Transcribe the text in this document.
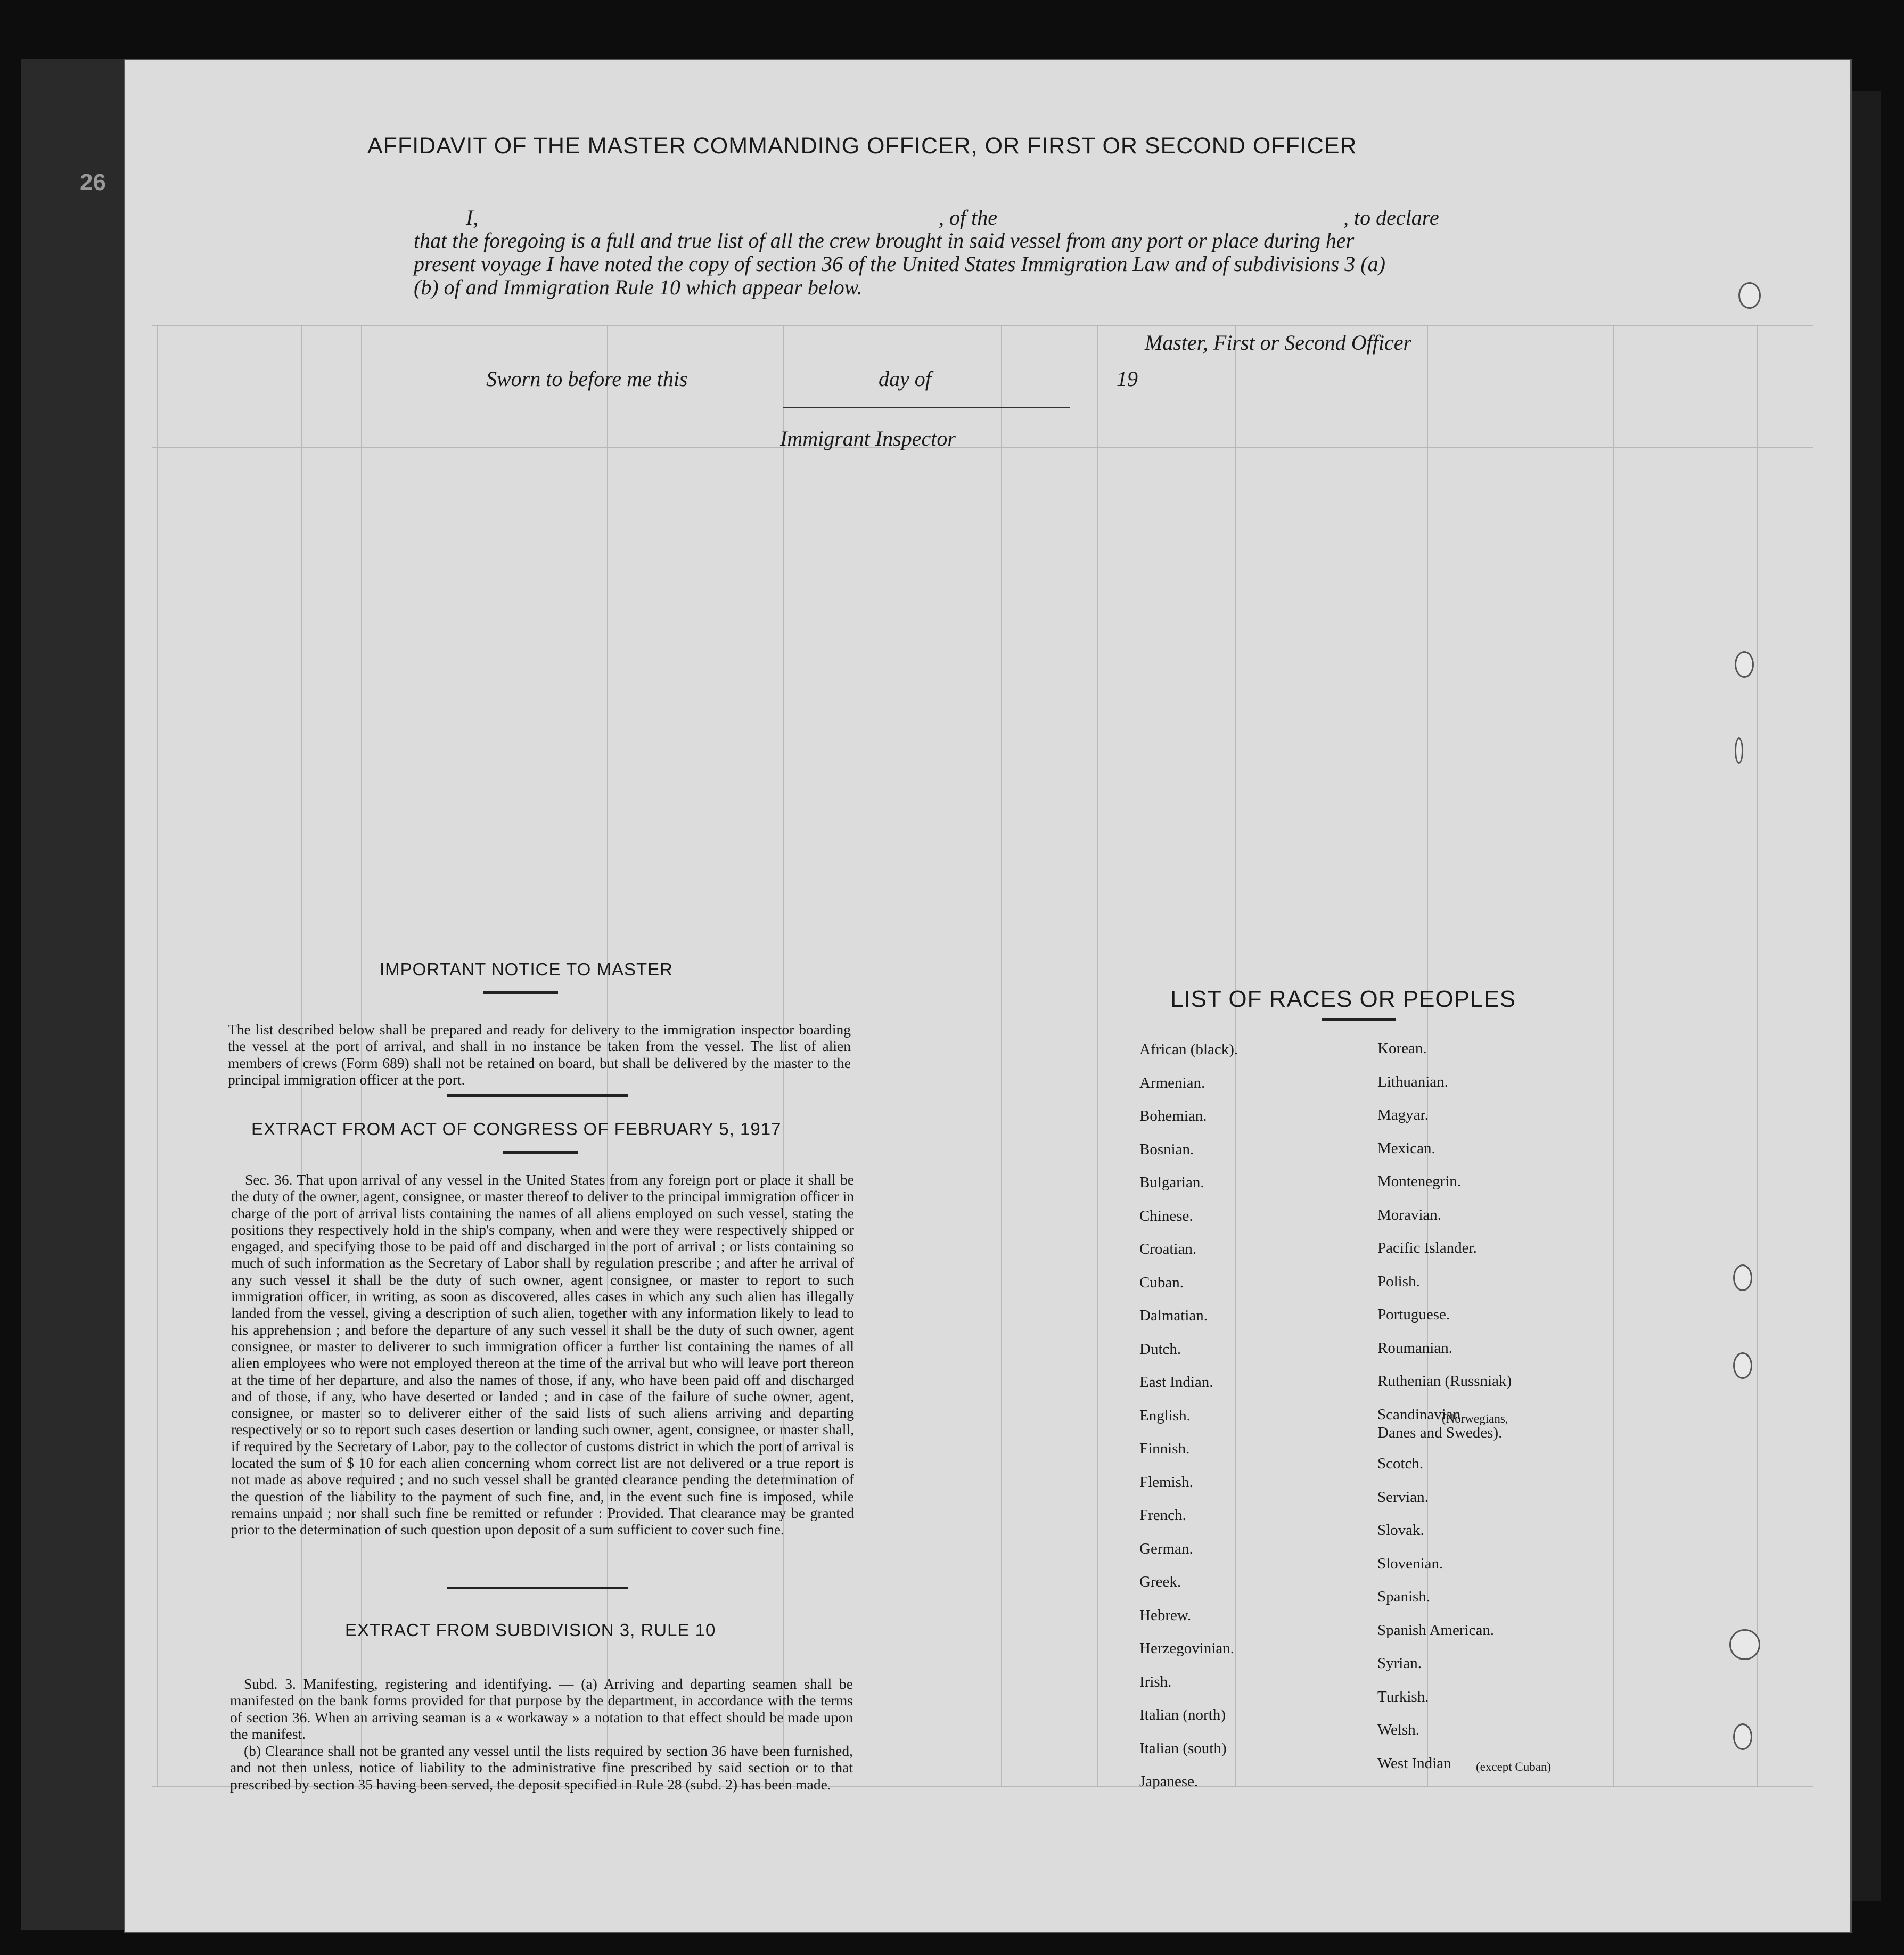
26
AFFIDAVIT OF THE MASTER COMMANDING OFFICER, OR FIRST OR SECOND OFFICER
I,	, of the	, to declare
that the foregoing is a full and true list of all the crew brought in said vessel from any port or place during her
present voyage I have noted the copy of section 36 of the United States Immigration Law and of subdivisions 3 (a)
(b) of and Immigration Rule 10 which appear below.
Master, First or Second Officer
Sworn to before me this	day of	19
Immigrant Inspector
IMPORTANT NOTICE TO MASTER
The list described below shall be prepared and ready for delivery to the immigration inspector boarding the vessel at the port of arrival, and shall in no instance be taken from the vessel. The list of alien members of crews (Form 689) shall not be retained on board, but shall be delivered by the master to the principal immigration officer at the port.
EXTRACT FROM ACT OF CONGRESS OF FEBRUARY 5, 1917
Sec. 36. That upon arrival of any vessel in the United States from any foreign port or place it shall be the duty of the owner, agent, consignee, or master thereof to deliver to the principal immigration officer in charge of the port of arrival lists containing the names of all aliens employed on such vessel, stating the positions they respectively hold in the ship's company, when and were they were respectively shipped or engaged, and specifying those to be paid off and discharged in the port of arrival ; or lists containing so much of such information as the Secretary of Labor shall by regulation prescribe ; and after he arrival of any such vessel it shall be the duty of such owner, agent consignee, or master to report to such immigration officer, in writing, as soon as discovered, alles cases in which any such alien has illegally landed from the vessel, giving a description of such alien, together with any information likely to lead to his apprehension ; and before the departure of any such vessel it shall be the duty of such owner, agent consignee, or master to deliverer to such immigration officer a further list containing the names of all alien employees who were not employed thereon at the time of the arrival but who will leave port thereon at the time of her departure, and also the names of those, if any, who have been paid off and discharged and of those, if any, who have deserted or landed ; and in case of the failure of suche owner, agent, consignee, or master so to deliverer either of the said lists of such aliens arriving and departing respectively or so to report such cases desertion or landing such owner, agent, consignee, or master shall, if required by the Secretary of Labor, pay to the collector of customs district in which the port of arrival is located the sum of $ 10 for each alien concerning whom correct list are not delivered or a true report is not made as above required ; and no such vessel shall be granted clearance pending the determination of the question of the liability to the payment of such fine, and, in the event such fine is imposed, while remains unpaid ; nor shall such fine be remitted or refunder : Provided. That clearance may be granted prior to the determination of such question upon deposit of a sum sufficient to cover such fine.
EXTRACT FROM SUBDIVISION 3, RULE 10
Subd. 3. Manifesting, registering and identifying. — (a) Arriving and departing seamen shall be manifested on the bank forms provided for that purpose by the department, in accordance with the terms of section 36. When an arriving seaman is a « workaway » a notation to that effect should be made upon the manifest.
(b) Clearance shall not be granted any vessel until the lists required by section 36 have been furnished, and not then unless, notice of liability to the administrative fine prescribed by said section or to that prescribed by section 35 having been served, the deposit specified in Rule 28 (subd. 2) has been made.
LIST OF RACES OR PEOPLES
African (black).
Armenian.
Bohemian.
Bosnian.
Bulgarian.
Chinese.
Croatian.
Cuban.
Dalmatian.
Dutch.
East Indian.
English.
Finnish.
Flemish.
French.
German.
Greek.
Hebrew.
Herzegovinian.
Irish.
Italian (north)
Italian (south)
Japanese.
Korean.
Lithuanian.
Magyar.
Mexican.
Montenegrin.
Moravian.
Pacific Islander.
Polish.
Portuguese.
Roumanian.
Ruthenian (Russniak)
Scandinavian
Scotch.
Servian.
Slovak.
Slovenian.
Spanish.
Spanish American.
Syrian.
Turkish.
Welsh.
West Indian
(Norwegians,
Danes and Swedes).
(except Cuban)
